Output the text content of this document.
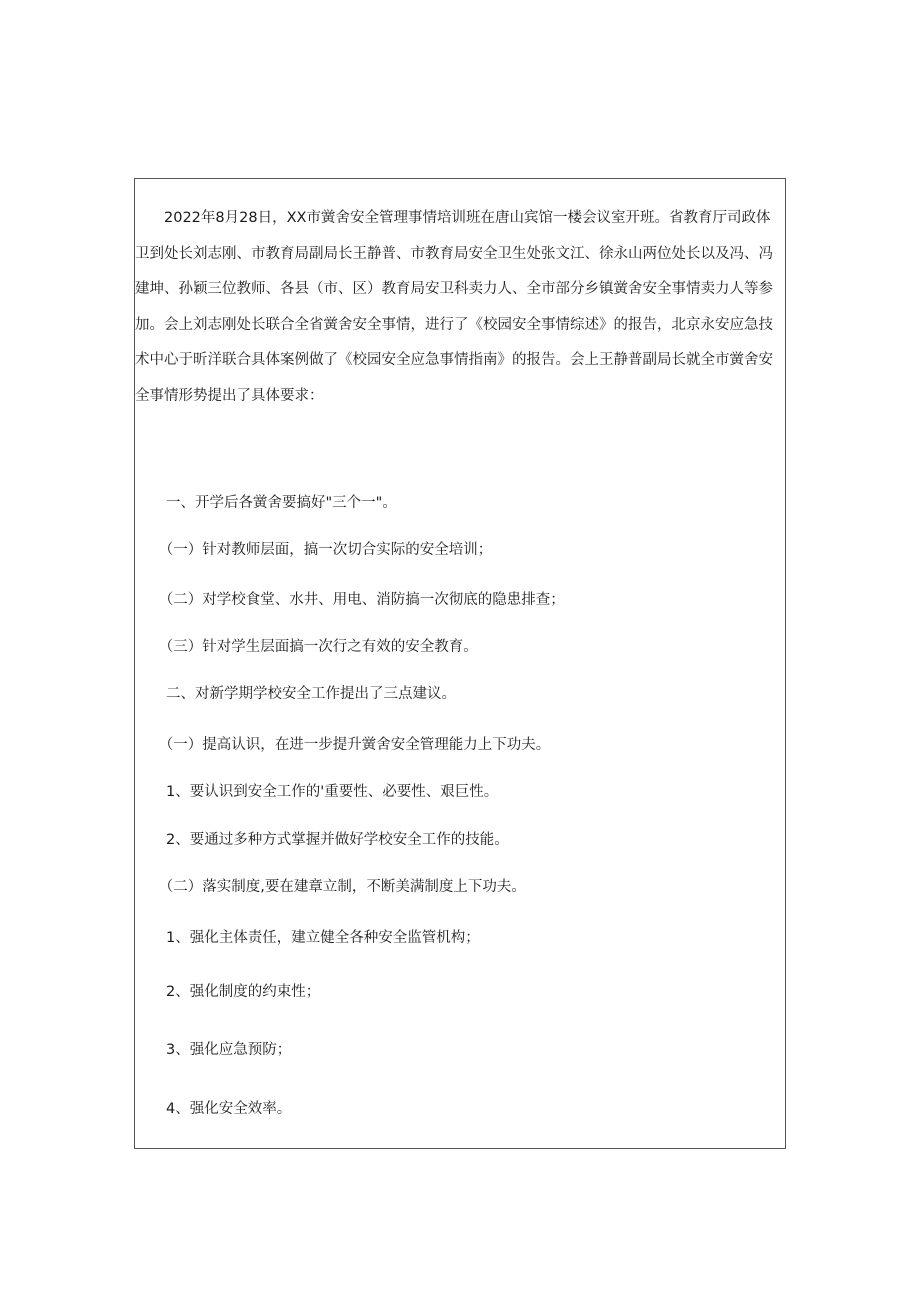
　　2022年8月28日，XX市黉舍安全管理事情培训班在唐山宾馆一楼会议室开班。省教育厅司政体
卫到处长刘志刚、市教育局副局长王静普、市教育局安全卫生处张文江、徐永山两位处长以及冯、冯
建坤、孙颖三位教师、各县（市、区）教育局安卫科卖力人、全市部分乡镇黉舍安全事情卖力人等参
加。会上刘志刚处长联合全省黉舍安全事情，进行了《校园安全事情综述》的报告，北京永安应急技
术中心于昕洋联合具体案例做了《校园安全应急事情指南》的报告。会上王静普副局长就全市黉舍安
全事情形势提出了具体要求：
　　一、开学后各黉舍要搞好"三个一"。
　　（一）针对教师层面，搞一次切合实际的安全培训；
　　（二）对学校食堂、水井、用电、消防搞一次彻底的隐患排查；
　　（三）针对学生层面搞一次行之有效的安全教育。
　　二、对新学期学校安全工作提出了三点建议。
　　（一）提高认识，在进一步提升黉舍安全管理能力上下功夫。
　　1、要认识到安全工作的'重要性、必要性、艰巨性。
　　2、要通过多种方式掌握并做好学校安全工作的技能。
　　（二）落实制度,要在建章立制，不断美满制度上下功夫。
　　1、强化主体责任，建立健全各种安全监管机构；
　　2、强化制度的约束性；
　　3、强化应急预防；
　　4、强化安全效率。
